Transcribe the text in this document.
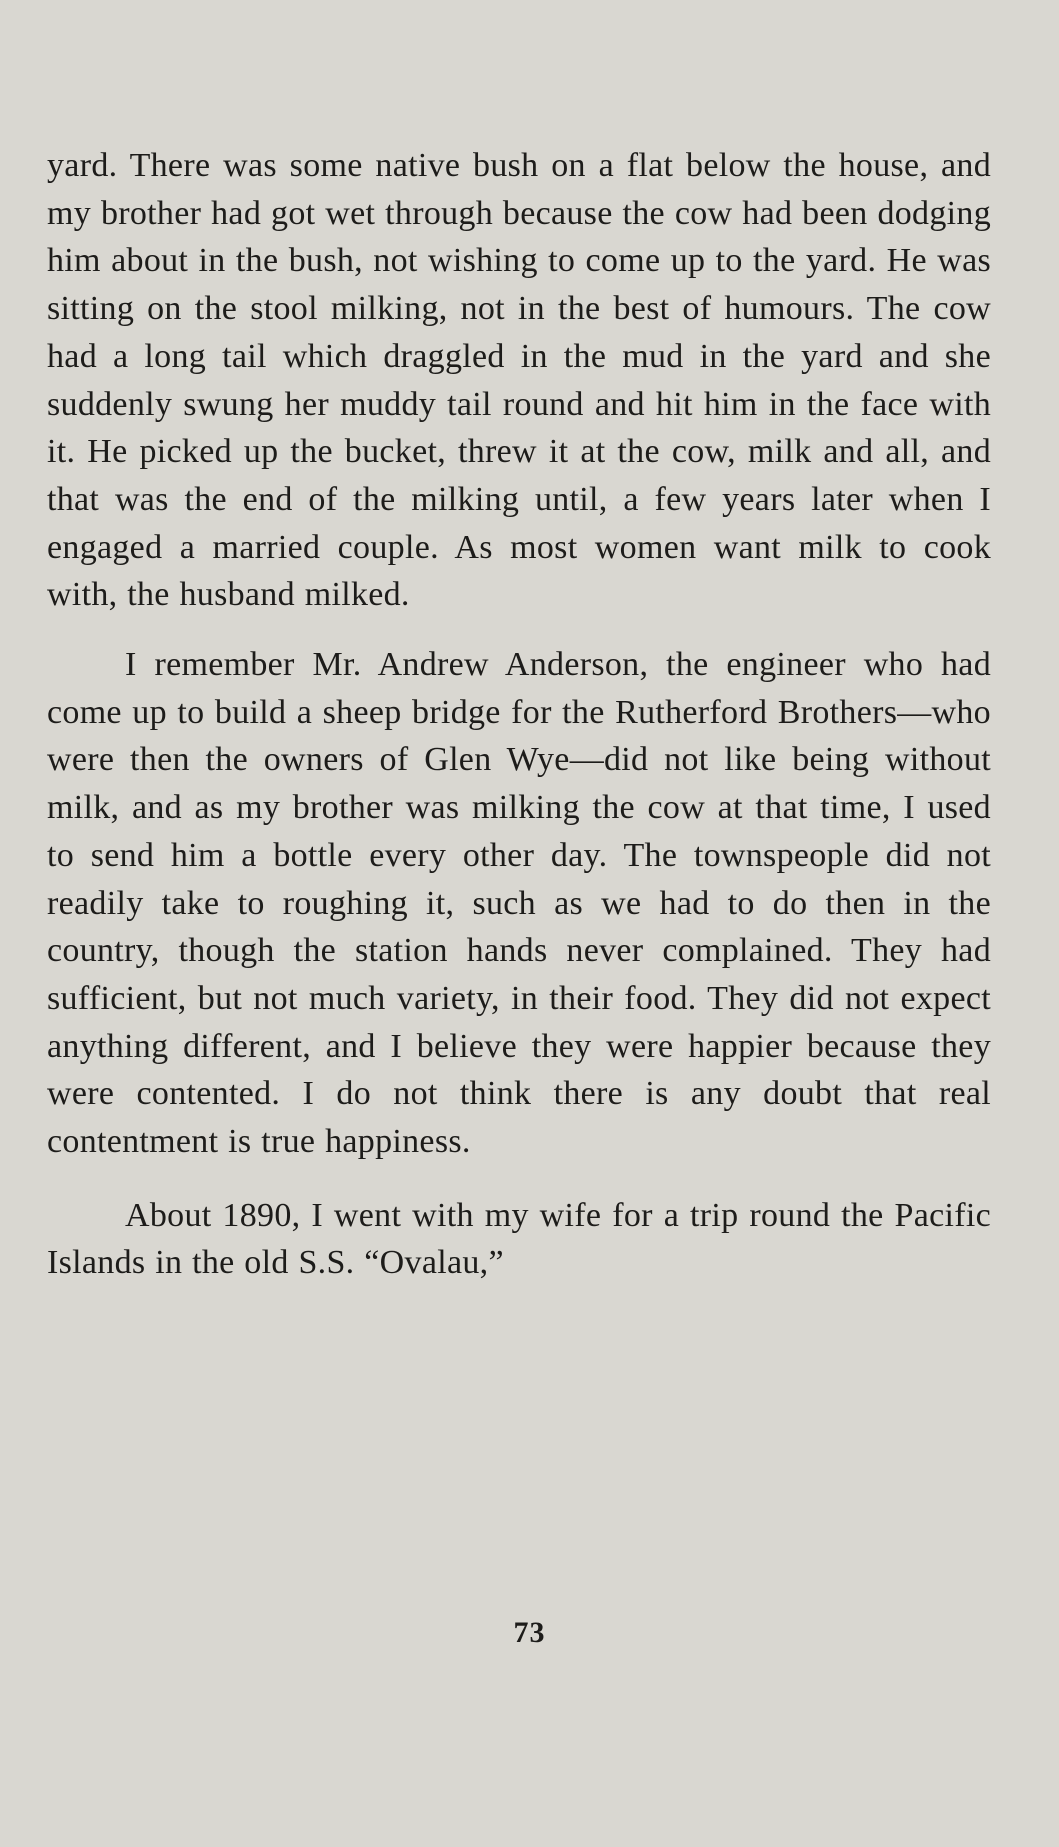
yard. There was some native bush on a flat below the house, and my brother had got wet through because the cow had been dodging him about in the bush, not wishing to come up to the yard. He was sitting on the stool milking, not in the best of humours. The cow had a long tail which draggled in the mud in the yard and she suddenly swung her muddy tail round and hit him in the face with it. He picked up the bucket, threw it at the cow, milk and all, and that was the end of the milking until, a few years later when I engaged a married couple. As most women want milk to cook with, the husband milked.

I remember Mr. Andrew Anderson, the engineer who had come up to build a sheep bridge for the Rutherford Brothers—who were then the owners of Glen Wye—did not like being without milk, and as my brother was milking the cow at that time, I used to send him a bottle every other day. The townspeople did not readily take to roughing it, such as we had to do then in the country, though the station hands never complained. They had sufficient, but not much variety, in their food. They did not expect anything different, and I believe they were happier because they were contented. I do not think there is any doubt that real contentment is true happiness.

About 1890, I went with my wife for a trip round the Pacific Islands in the old S.S. “Ovalau,”

73
